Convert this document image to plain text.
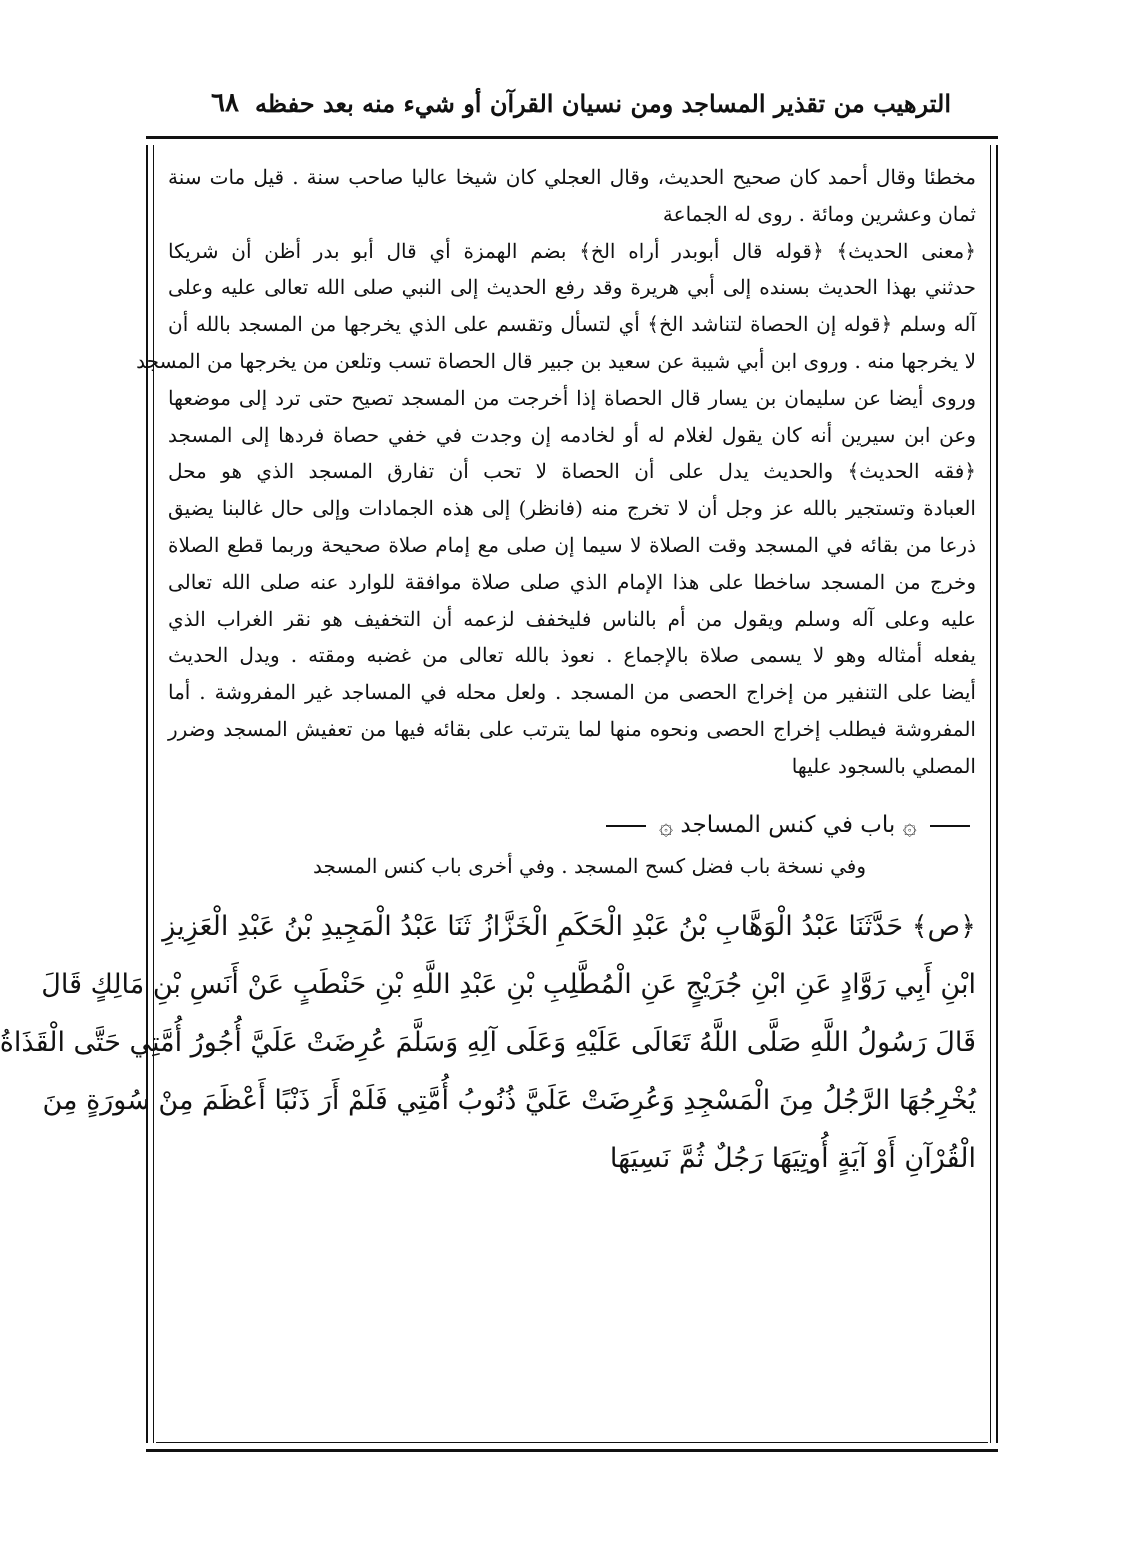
الترهيب من تقذير المساجد ومن نسيان القرآن أو شيء منه بعد حفظه
٦٨
مخطئا وقال أحمد كان صحيح الحديث، وقال العجلي كان شيخا عاليا صاحب سنة . قيل مات سنة
ثمان وعشرين ومائة . روى له الجماعة
﴿معنى الحديث﴾ ﴿قوله قال أبوبدر أراه الخ﴾ بضم الهمزة أي قال أبو بدر أظن أن شريكا
حدثني بهذا الحديث بسنده إلى أبي هريرة وقد رفع الحديث إلى النبي صلى الله تعالى عليه وعلى
آله وسلم ﴿قوله إن الحصاة لتناشد الخ﴾ أي لتسأل وتقسم على الذي يخرجها من المسجد بالله أن
لا يخرجها منه . وروى ابن أبي شيبة عن سعيد بن جبير قال الحصاة تسب وتلعن من يخرجها من المسجد
وروى أيضا عن سليمان بن يسار قال الحصاة إذا أخرجت من المسجد تصيح حتى ترد إلى موضعها
وعن ابن سيرين أنه كان يقول لغلام له أو لخادمه إن وجدت في خفي حصاة فردها إلى المسجد
﴿فقه الحديث﴾ والحديث يدل على أن الحصاة لا تحب أن تفارق المسجد الذي هو محل
العبادة وتستجير بالله عز وجل أن لا تخرج منه (فانظر) إلى هذه الجمادات وإلى حال غالبنا يضيق
ذرعا من بقائه في المسجد وقت الصلاة لا سيما إن صلى مع إمام صلاة صحيحة وربما قطع الصلاة
وخرج من المسجد ساخطا على هذا الإمام الذي صلى صلاة موافقة للوارد عنه صلى الله تعالى
عليه وعلى آله وسلم ويقول من أم بالناس فليخفف لزعمه أن التخفيف هو نقر الغراب الذي
يفعله أمثاله وهو لا يسمى صلاة بالإجماع . نعوذ بالله تعالى من غضبه ومقته . ويدل الحديث
أيضا على التنفير من إخراج الحصى من المسجد . ولعل محله في المساجد غير المفروشة . أما
المفروشة فيطلب إخراج الحصى ونحوه منها لما يترتب على بقائه فيها من تعفيش المسجد وضرر
المصلي بالسجود عليها
۞ باب في كنس المساجد ۞
وفي نسخة باب فضل كسح المسجد . وفي أخرى باب كنس المسجد
﴿ص﴾ حَدَّثَنَا عَبْدُ الْوَهَّابِ بْنُ عَبْدِ الْحَكَمِ الْخَزَّازُ ثَنَا عَبْدُ الْمَجِيدِ بْنُ عَبْدِ الْعَزِيزِ
ابْنِ أَبِي رَوَّادٍ عَنِ ابْنِ جُرَيْجٍ عَنِ الْمُطَّلِبِ بْنِ عَبْدِ اللَّهِ بْنِ حَنْطَبٍ عَنْ أَنَسِ بْنِ مَالِكٍ قَالَ
قَالَ رَسُولُ اللَّهِ صَلَّى اللَّهُ تَعَالَى عَلَيْهِ وَعَلَى آلِهِ وَسَلَّمَ عُرِضَتْ عَلَيَّ أُجُورُ أُمَّتِي حَتَّى الْقَذَاةُ
يُخْرِجُهَا الرَّجُلُ مِنَ الْمَسْجِدِ وَعُرِضَتْ عَلَيَّ ذُنُوبُ أُمَّتِي فَلَمْ أَرَ ذَنْبًا أَعْظَمَ مِنْ سُورَةٍ مِنَ
الْقُرْآنِ أَوْ آيَةٍ أُوتِيَهَا رَجُلٌ ثُمَّ نَسِيَهَا
